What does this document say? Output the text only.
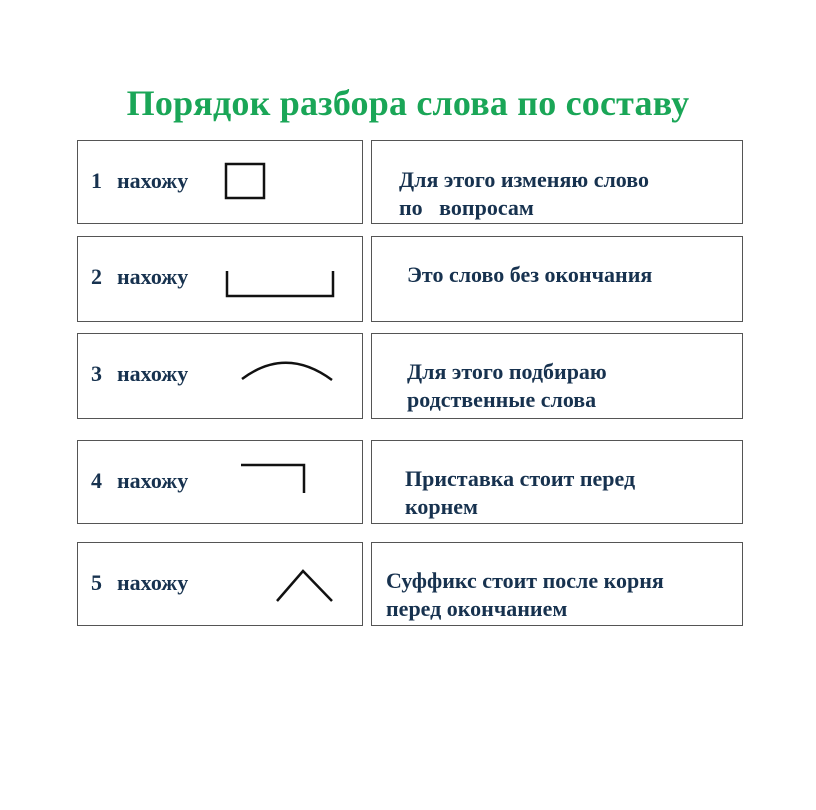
Порядок разбора слова по составу
1 нахожу	Для этого изменяю слово
по   вопросам
2 нахожу	Это слово без окончания
3 нахожу	Для этого подбираю
родственные слова
4 нахожу	Приставка стоит перед
корнем
5 нахожу	Суффикс стоит после корня
перед окончанием
